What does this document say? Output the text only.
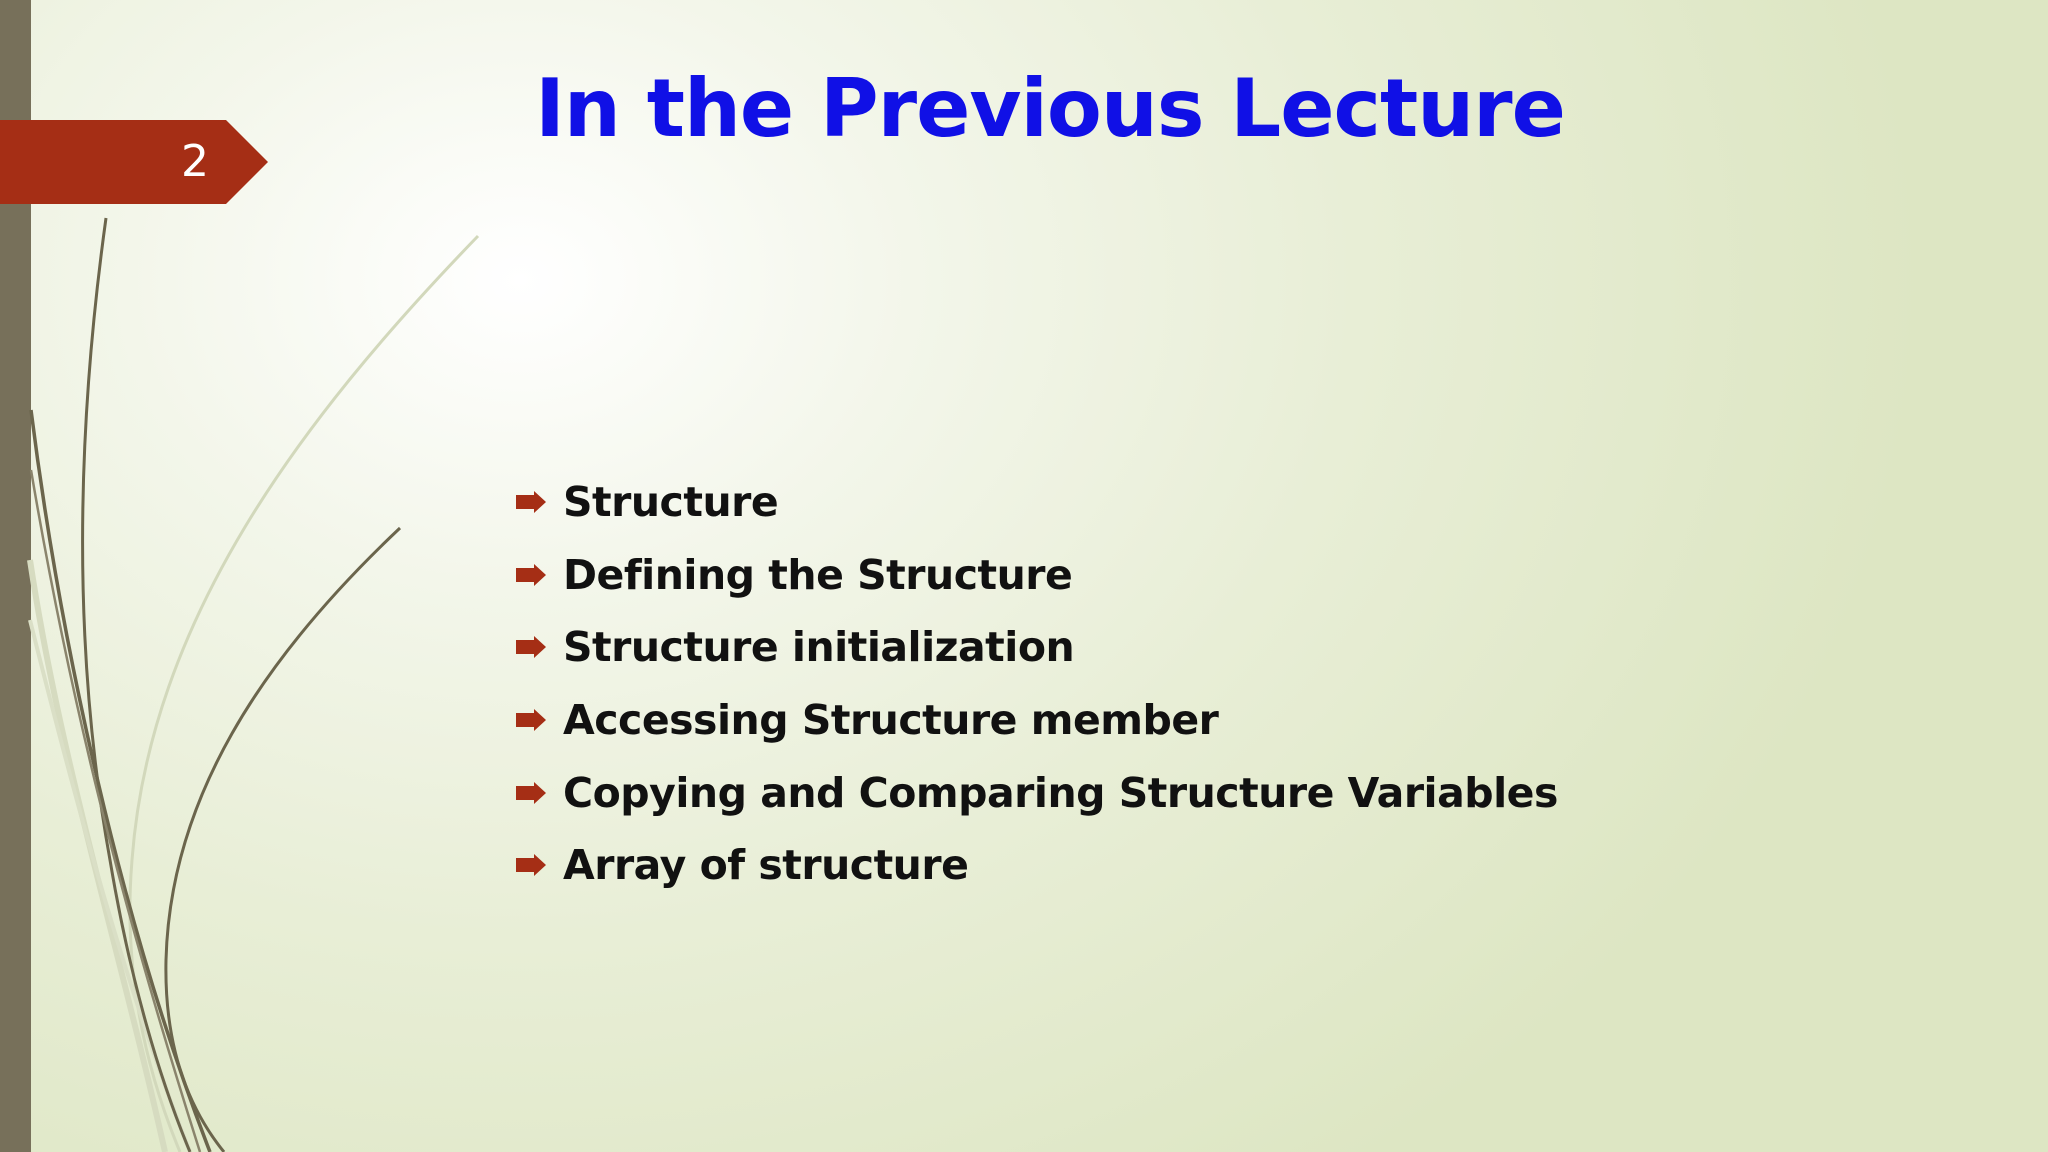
2
In the Previous Lecture
Structure
Defining the Structure
Structure initialization
Accessing Structure member
Copying and Comparing Structure Variables
Array of structure
